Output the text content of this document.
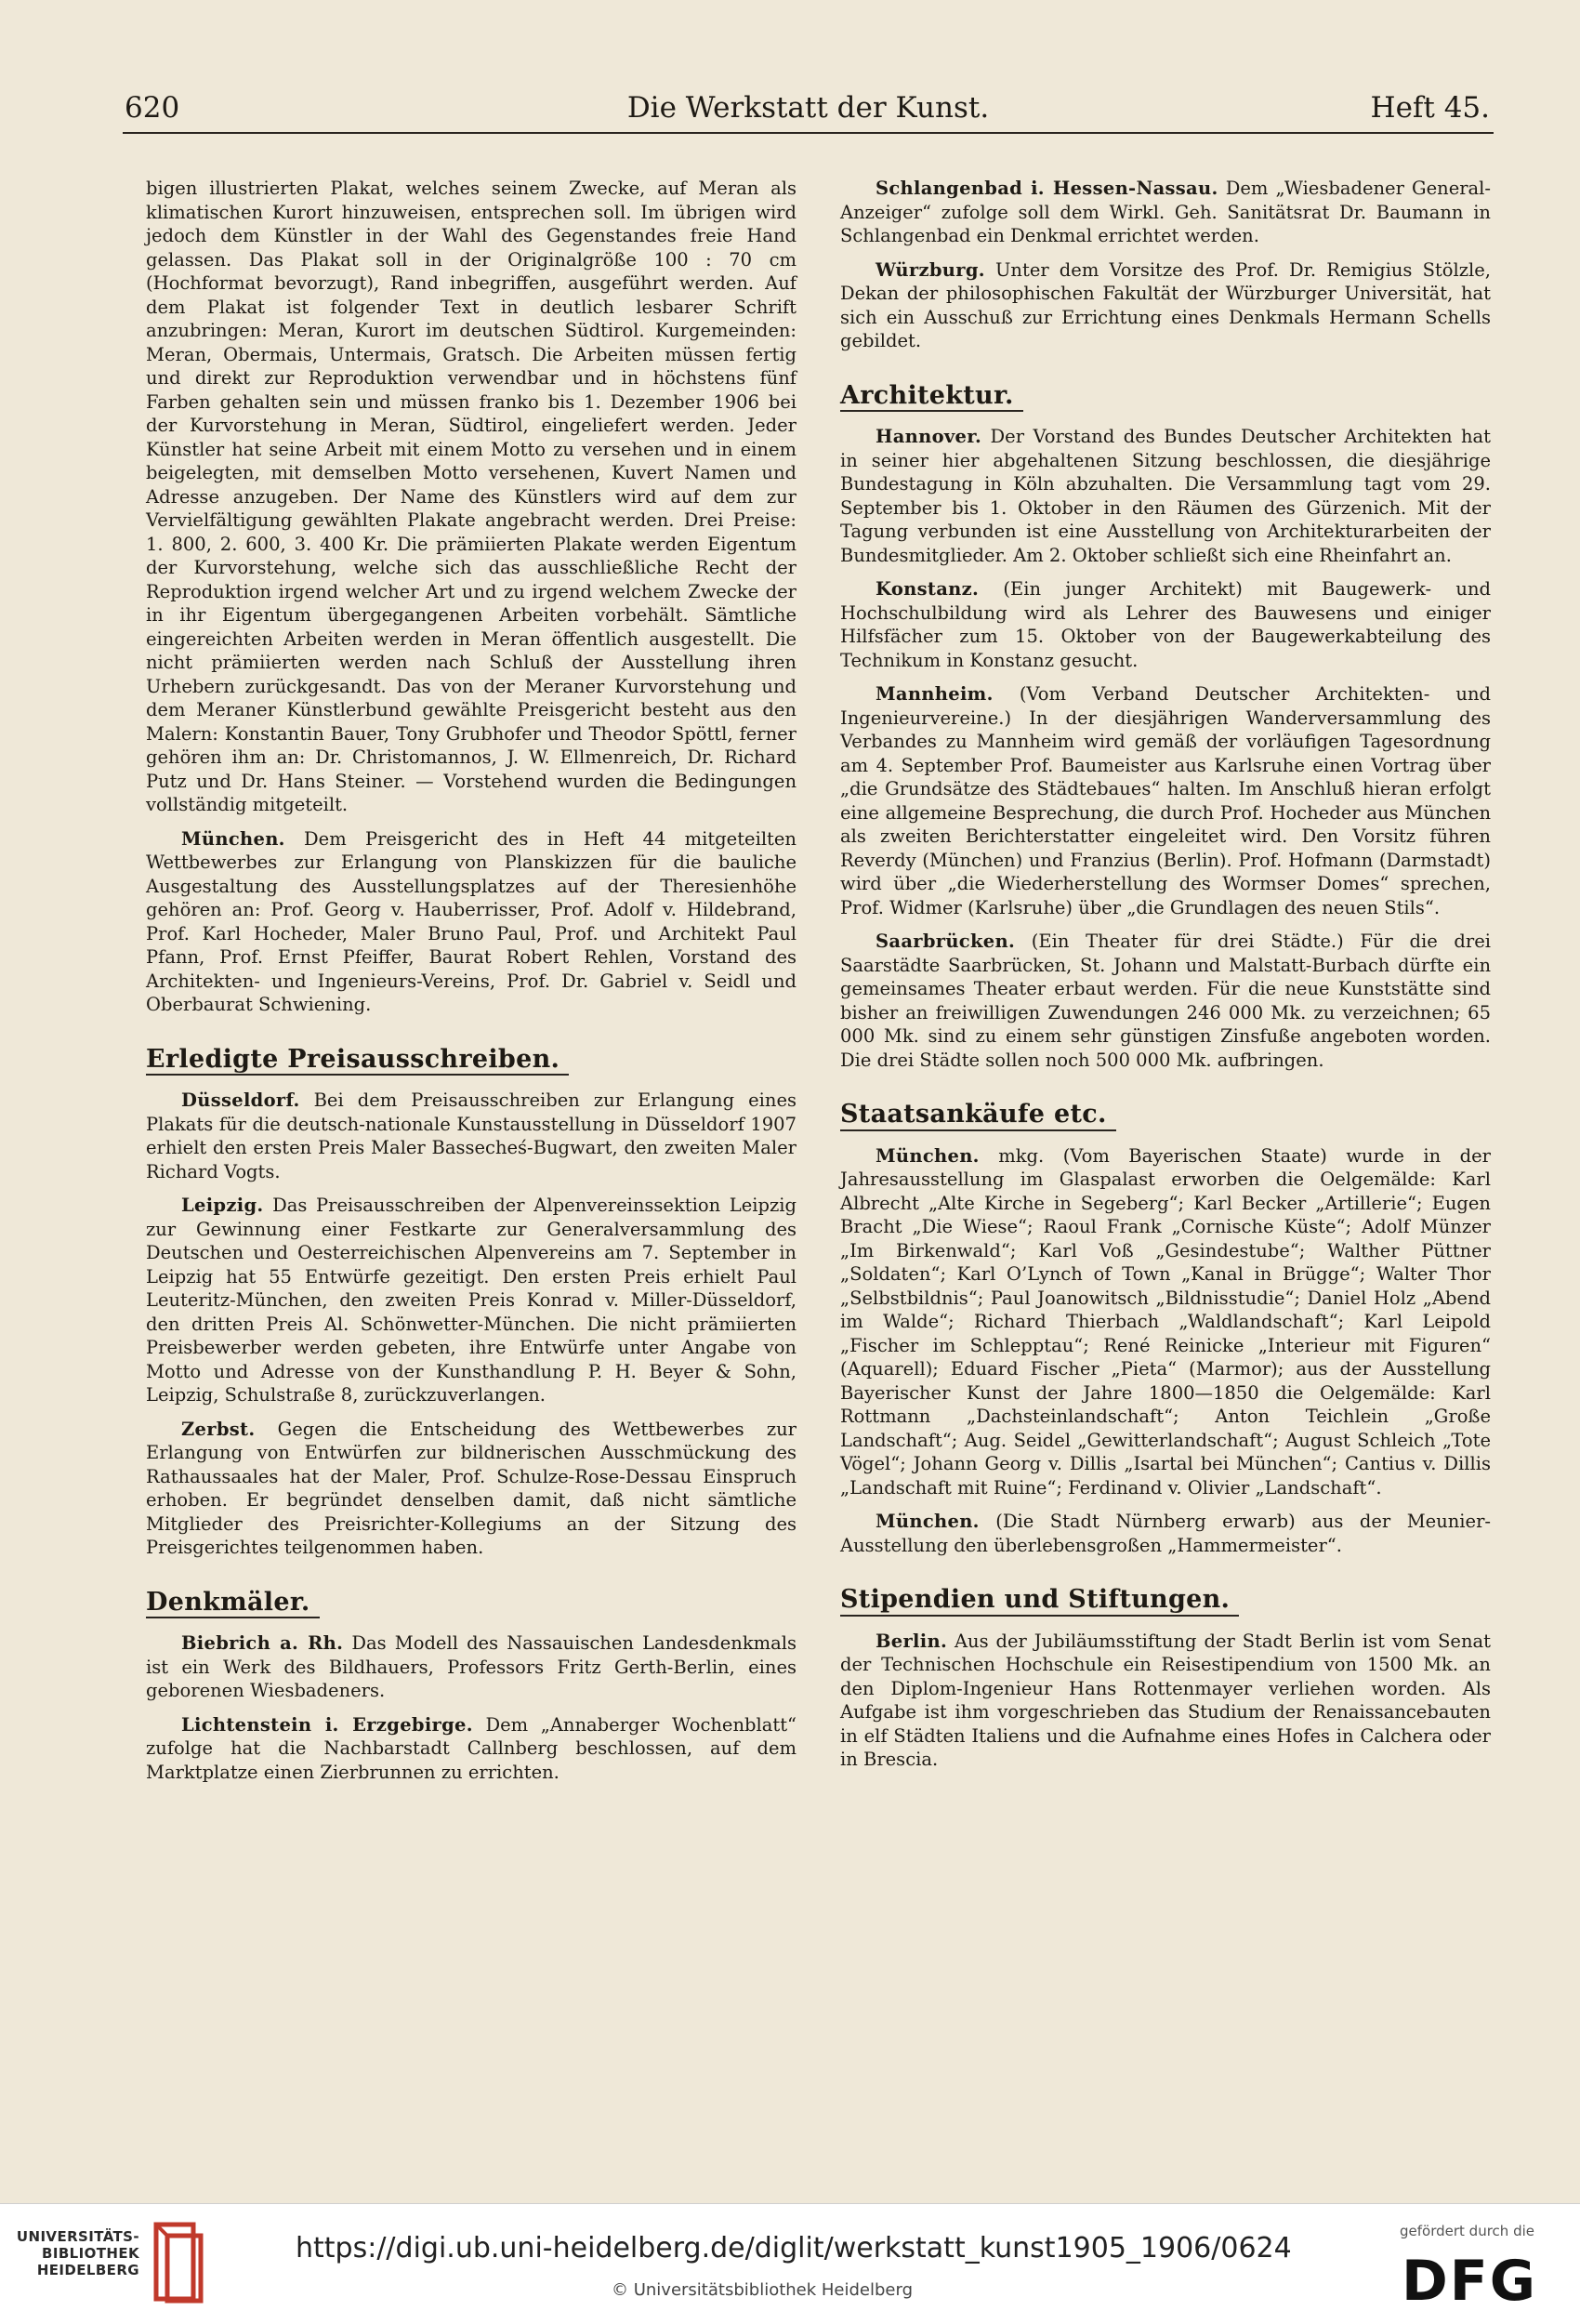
620	Die Werkstatt der Kunst.	Heft 45.

bigen illustrierten Plakat, welches seinem Zwecke, auf Meran als klimatischen Kurort hinzuweisen, entsprechen soll. Im übrigen wird jedoch dem Künstler in der Wahl des Gegenstandes freie Hand gelassen. Das Plakat soll in der Originalgröße 100 : 70 cm (Hochformat bevorzugt), Rand inbegriffen, ausgeführt werden. Auf dem Plakat ist folgender Text in deutlich lesbarer Schrift anzubringen: Meran, Kurort im deutschen Südtirol. Kurgemeinden: Meran, Obermais, Untermais, Gratsch. Die Arbeiten müssen fertig und direkt zur Reproduktion verwendbar und in höchstens fünf Farben gehalten sein und müssen franko bis 1. Dezember 1906 bei der Kurvorstehung in Meran, Südtirol, eingeliefert werden. Jeder Künstler hat seine Arbeit mit einem Motto zu versehen und in einem beigelegten, mit demselben Motto versehenen, Kuvert Namen und Adresse anzugeben. Der Name des Künstlers wird auf dem zur Vervielfältigung gewählten Plakate angebracht werden. Drei Preise: 1. 800, 2. 600, 3. 400 Kr. Die prämiierten Plakate werden Eigentum der Kurvorstehung, welche sich das ausschließliche Recht der Reproduktion irgend welcher Art und zu irgend welchem Zwecke der in ihr Eigentum übergegangenen Arbeiten vorbehält. Sämtliche eingereichten Arbeiten werden in Meran öffentlich ausgestellt. Die nicht prämiierten werden nach Schluß der Ausstellung ihren Urhebern zurückgesandt. Das von der Meraner Kurvorstehung und dem Meraner Künstlerbund gewählte Preisgericht besteht aus den Malern: Konstantin Bauer, Tony Grubhofer und Theodor Spöttl, ferner gehören ihm an: Dr. Christomannos, J. W. Ellmenreich, Dr. Richard Putz und Dr. Hans Steiner. — Vorstehend wurden die Bedingungen vollständig mitgeteilt.

München. Dem Preisgericht des in Heft 44 mitgeteilten Wettbewerbes zur Erlangung von Planskizzen für die bauliche Ausgestaltung des Ausstellungsplatzes auf der Theresienhöhe gehören an: Prof. Georg v. Hauberrisser, Prof. Adolf v. Hildebrand, Prof. Karl Hocheder, Maler Bruno Paul, Prof. und Architekt Paul Pfann, Prof. Ernst Pfeiffer, Baurat Robert Rehlen, Vorstand des Architekten- und Ingenieurs-Vereins, Prof. Dr. Gabriel v. Seidl und Oberbaurat Schwiening.

Erledigte Preisausschreiben.

Düsseldorf. Bei dem Preisausschreiben zur Erlangung eines Plakats für die deutsch-nationale Kunstausstellung in Düsseldorf 1907 erhielt den ersten Preis Maler Bassecheś-Bugwart, den zweiten Maler Richard Vogts.

Leipzig. Das Preisausschreiben der Alpenvereinssektion Leipzig zur Gewinnung einer Festkarte zur Generalversammlung des Deutschen und Oesterreichischen Alpenvereins am 7. September in Leipzig hat 55 Entwürfe gezeitigt. Den ersten Preis erhielt Paul Leuteritz-München, den zweiten Preis Konrad v. Miller-Düsseldorf, den dritten Preis Al. Schönwetter-München. Die nicht prämiierten Preisbewerber werden gebeten, ihre Entwürfe unter Angabe von Motto und Adresse von der Kunsthandlung P. H. Beyer & Sohn, Leipzig, Schulstraße 8, zurückzuverlangen.

Zerbst. Gegen die Entscheidung des Wettbewerbes zur Erlangung von Entwürfen zur bildnerischen Ausschmückung des Rathaussaales hat der Maler, Prof. Schulze-Rose-Dessau Einspruch erhoben. Er begründet denselben damit, daß nicht sämtliche Mitglieder des Preisrichter-Kollegiums an der Sitzung des Preisgerichtes teilgenommen haben.

Denkmäler.

Biebrich a. Rh. Das Modell des Nassauischen Landesdenkmals ist ein Werk des Bildhauers, Professors Fritz Gerth-Berlin, eines geborenen Wiesbadeners.

Lichtenstein i. Erzgebirge. Dem „Annaberger Wochenblatt“ zufolge hat die Nachbarstadt Callnberg beschlossen, auf dem Marktplatze einen Zierbrunnen zu errichten.

Schlangenbad i. Hessen-Nassau. Dem „Wiesbadener General-Anzeiger“ zufolge soll dem Wirkl. Geh. Sanitätsrat Dr. Baumann in Schlangenbad ein Denkmal errichtet werden.

Würzburg. Unter dem Vorsitze des Prof. Dr. Remigius Stölzle, Dekan der philosophischen Fakultät der Würzburger Universität, hat sich ein Ausschuß zur Errichtung eines Denkmals Hermann Schells gebildet.

Architektur.

Hannover. Der Vorstand des Bundes Deutscher Architekten hat in seiner hier abgehaltenen Sitzung beschlossen, die diesjährige Bundestagung in Köln abzuhalten. Die Versammlung tagt vom 29. September bis 1. Oktober in den Räumen des Gürzenich. Mit der Tagung verbunden ist eine Ausstellung von Architekturarbeiten der Bundesmitglieder. Am 2. Oktober schließt sich eine Rheinfahrt an.

Konstanz. (Ein junger Architekt) mit Baugewerk- und Hochschulbildung wird als Lehrer des Bauwesens und einiger Hilfsfächer zum 15. Oktober von der Baugewerkabteilung des Technikum in Konstanz gesucht.

Mannheim. (Vom Verband Deutscher Architekten- und Ingenieurvereine.) In der diesjährigen Wanderversammlung des Verbandes zu Mannheim wird gemäß der vorläufigen Tagesordnung am 4. September Prof. Baumeister aus Karlsruhe einen Vortrag über „die Grundsätze des Städtebaues“ halten. Im Anschluß hieran erfolgt eine allgemeine Besprechung, die durch Prof. Hocheder aus München als zweiten Berichterstatter eingeleitet wird. Den Vorsitz führen Reverdy (München) und Franzius (Berlin). Prof. Hofmann (Darmstadt) wird über „die Wiederherstellung des Wormser Domes“ sprechen, Prof. Widmer (Karlsruhe) über „die Grundlagen des neuen Stils“.

Saarbrücken. (Ein Theater für drei Städte.) Für die drei Saarstädte Saarbrücken, St. Johann und Malstatt-Burbach dürfte ein gemeinsames Theater erbaut werden. Für die neue Kunststätte sind bisher an freiwilligen Zuwendungen 246 000 Mk. zu verzeichnen; 65 000 Mk. sind zu einem sehr günstigen Zinsfuße angeboten worden. Die drei Städte sollen noch 500 000 Mk. aufbringen.

Staatsankäufe etc.

München. mkg. (Vom Bayerischen Staate) wurde in der Jahresausstellung im Glaspalast erworben die Oelgemälde: Karl Albrecht „Alte Kirche in Segeberg“; Karl Becker „Artillerie“; Eugen Bracht „Die Wiese“; Raoul Frank „Cornische Küste“; Adolf Münzer „Im Birkenwald“; Karl Voß „Gesindestube“; Walther Püttner „Soldaten“; Karl O’Lynch of Town „Kanal in Brügge“; Walter Thor „Selbstbildnis“; Paul Joanowitsch „Bildnisstudie“; Daniel Holz „Abend im Walde“; Richard Thierbach „Waldlandschaft“; Karl Leipold „Fischer im Schlepptau“; René Reinicke „Interieur mit Figuren“ (Aquarell); Eduard Fischer „Pieta“ (Marmor); aus der Ausstellung Bayerischer Kunst der Jahre 1800—1850 die Oelgemälde: Karl Rottmann „Dachsteinlandschaft“; Anton Teichlein „Große Landschaft“; Aug. Seidel „Gewitterlandschaft“; August Schleich „Tote Vögel“; Johann Georg v. Dillis „Isartal bei München“; Cantius v. Dillis „Landschaft mit Ruine“; Ferdinand v. Olivier „Landschaft“.

München. (Die Stadt Nürnberg erwarb) aus der Meunier-Ausstellung den überlebensgroßen „Hammermeister“.

Stipendien und Stiftungen.

Berlin. Aus der Jubiläumsstiftung der Stadt Berlin ist vom Senat der Technischen Hochschule ein Reisestipendium von 1500 Mk. an den Diplom-Ingenieur Hans Rottenmayer verliehen worden. Als Aufgabe ist ihm vorgeschrieben das Studium der Renaissancebauten in elf Städten Italiens und die Aufnahme eines Hofes in Calchera oder in Brescia.

UNIVERSITÄTS-
BIBLIOTHEK
HEIDELBERG
https://digi.ub.uni-heidelberg.de/diglit/werkstatt_kunst1905_1906/0624
© Universitätsbibliothek Heidelberg
gefördert durch die
DFG
